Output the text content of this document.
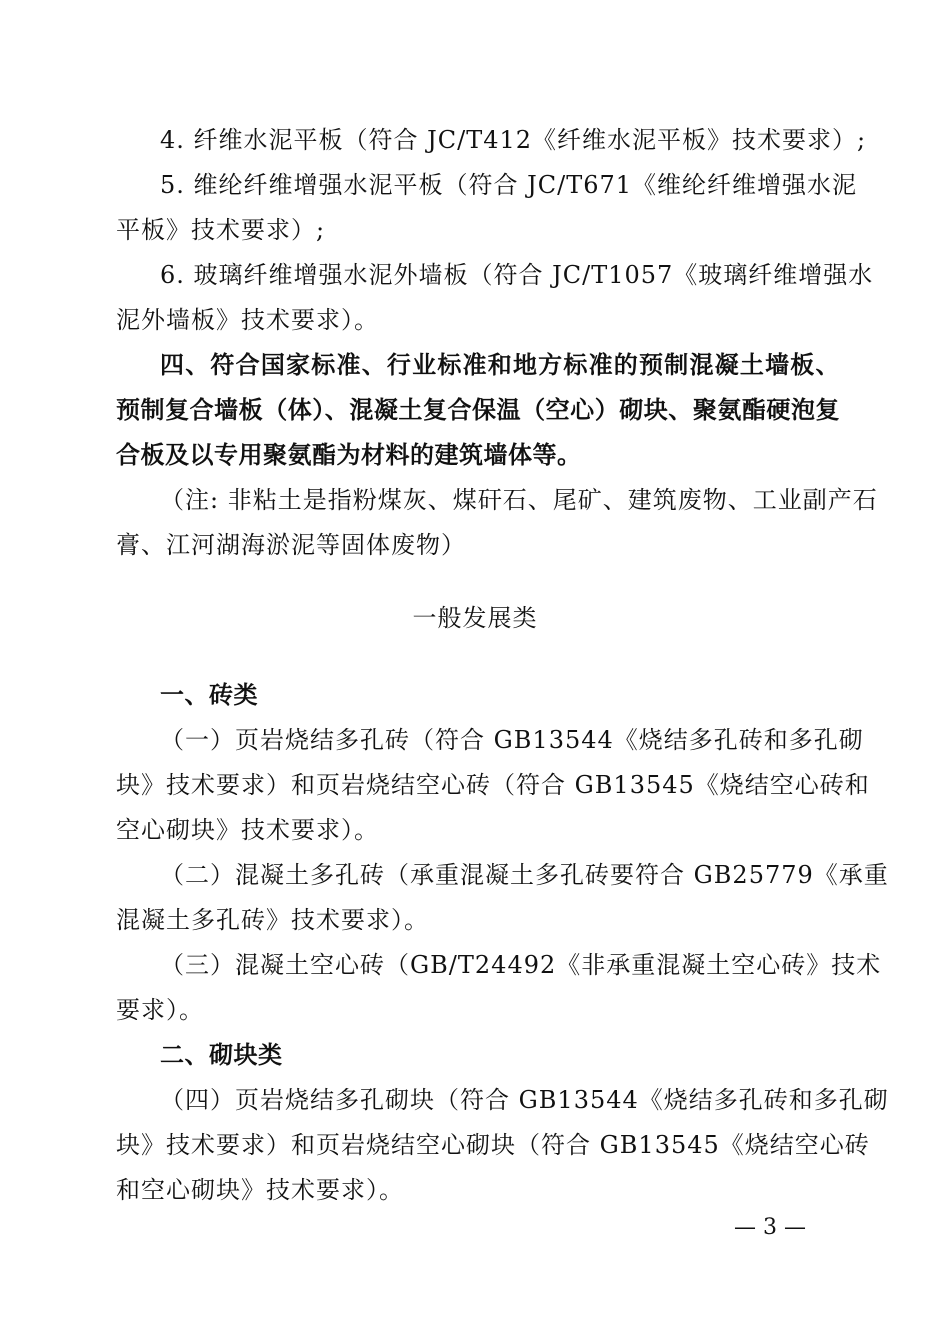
4. 纤维水泥平板（符合 JC/T412《纤维水泥平板》技术要求）;
5. 维纶纤维增强水泥平板（符合 JC/T671《维纶纤维增强水泥
平板》技术要求）;
6. 玻璃纤维增强水泥外墙板（符合 JC/T1057《玻璃纤维增强水
泥外墙板》技术要求）。
四、符合国家标准、行业标准和地方标准的预制混凝土墙板、
预制复合墙板（体）、混凝土复合保温（空心）砌块、聚氨酯硬泡复
合板及以专用聚氨酯为材料的建筑墙体等。
（注: 非粘土是指粉煤灰、煤矸石、尾矿、建筑废物、工业副产石
膏、江河湖海淤泥等固体废物）
一般发展类
一、砖类
（一）页岩烧结多孔砖（符合 GB13544《烧结多孔砖和多孔砌
块》技术要求）和页岩烧结空心砖（符合 GB13545《烧结空心砖和
空心砌块》技术要求）。
（二）混凝土多孔砖（承重混凝土多孔砖要符合 GB25779《承重
混凝土多孔砖》技术要求）。
（三）混凝土空心砖（GB/T24492《非承重混凝土空心砖》技术
要求）。
二、砌块类
（四）页岩烧结多孔砌块（符合 GB13544《烧结多孔砖和多孔砌
块》技术要求）和页岩烧结空心砌块（符合 GB13545《烧结空心砖
和空心砌块》技术要求）。
— 3 —
